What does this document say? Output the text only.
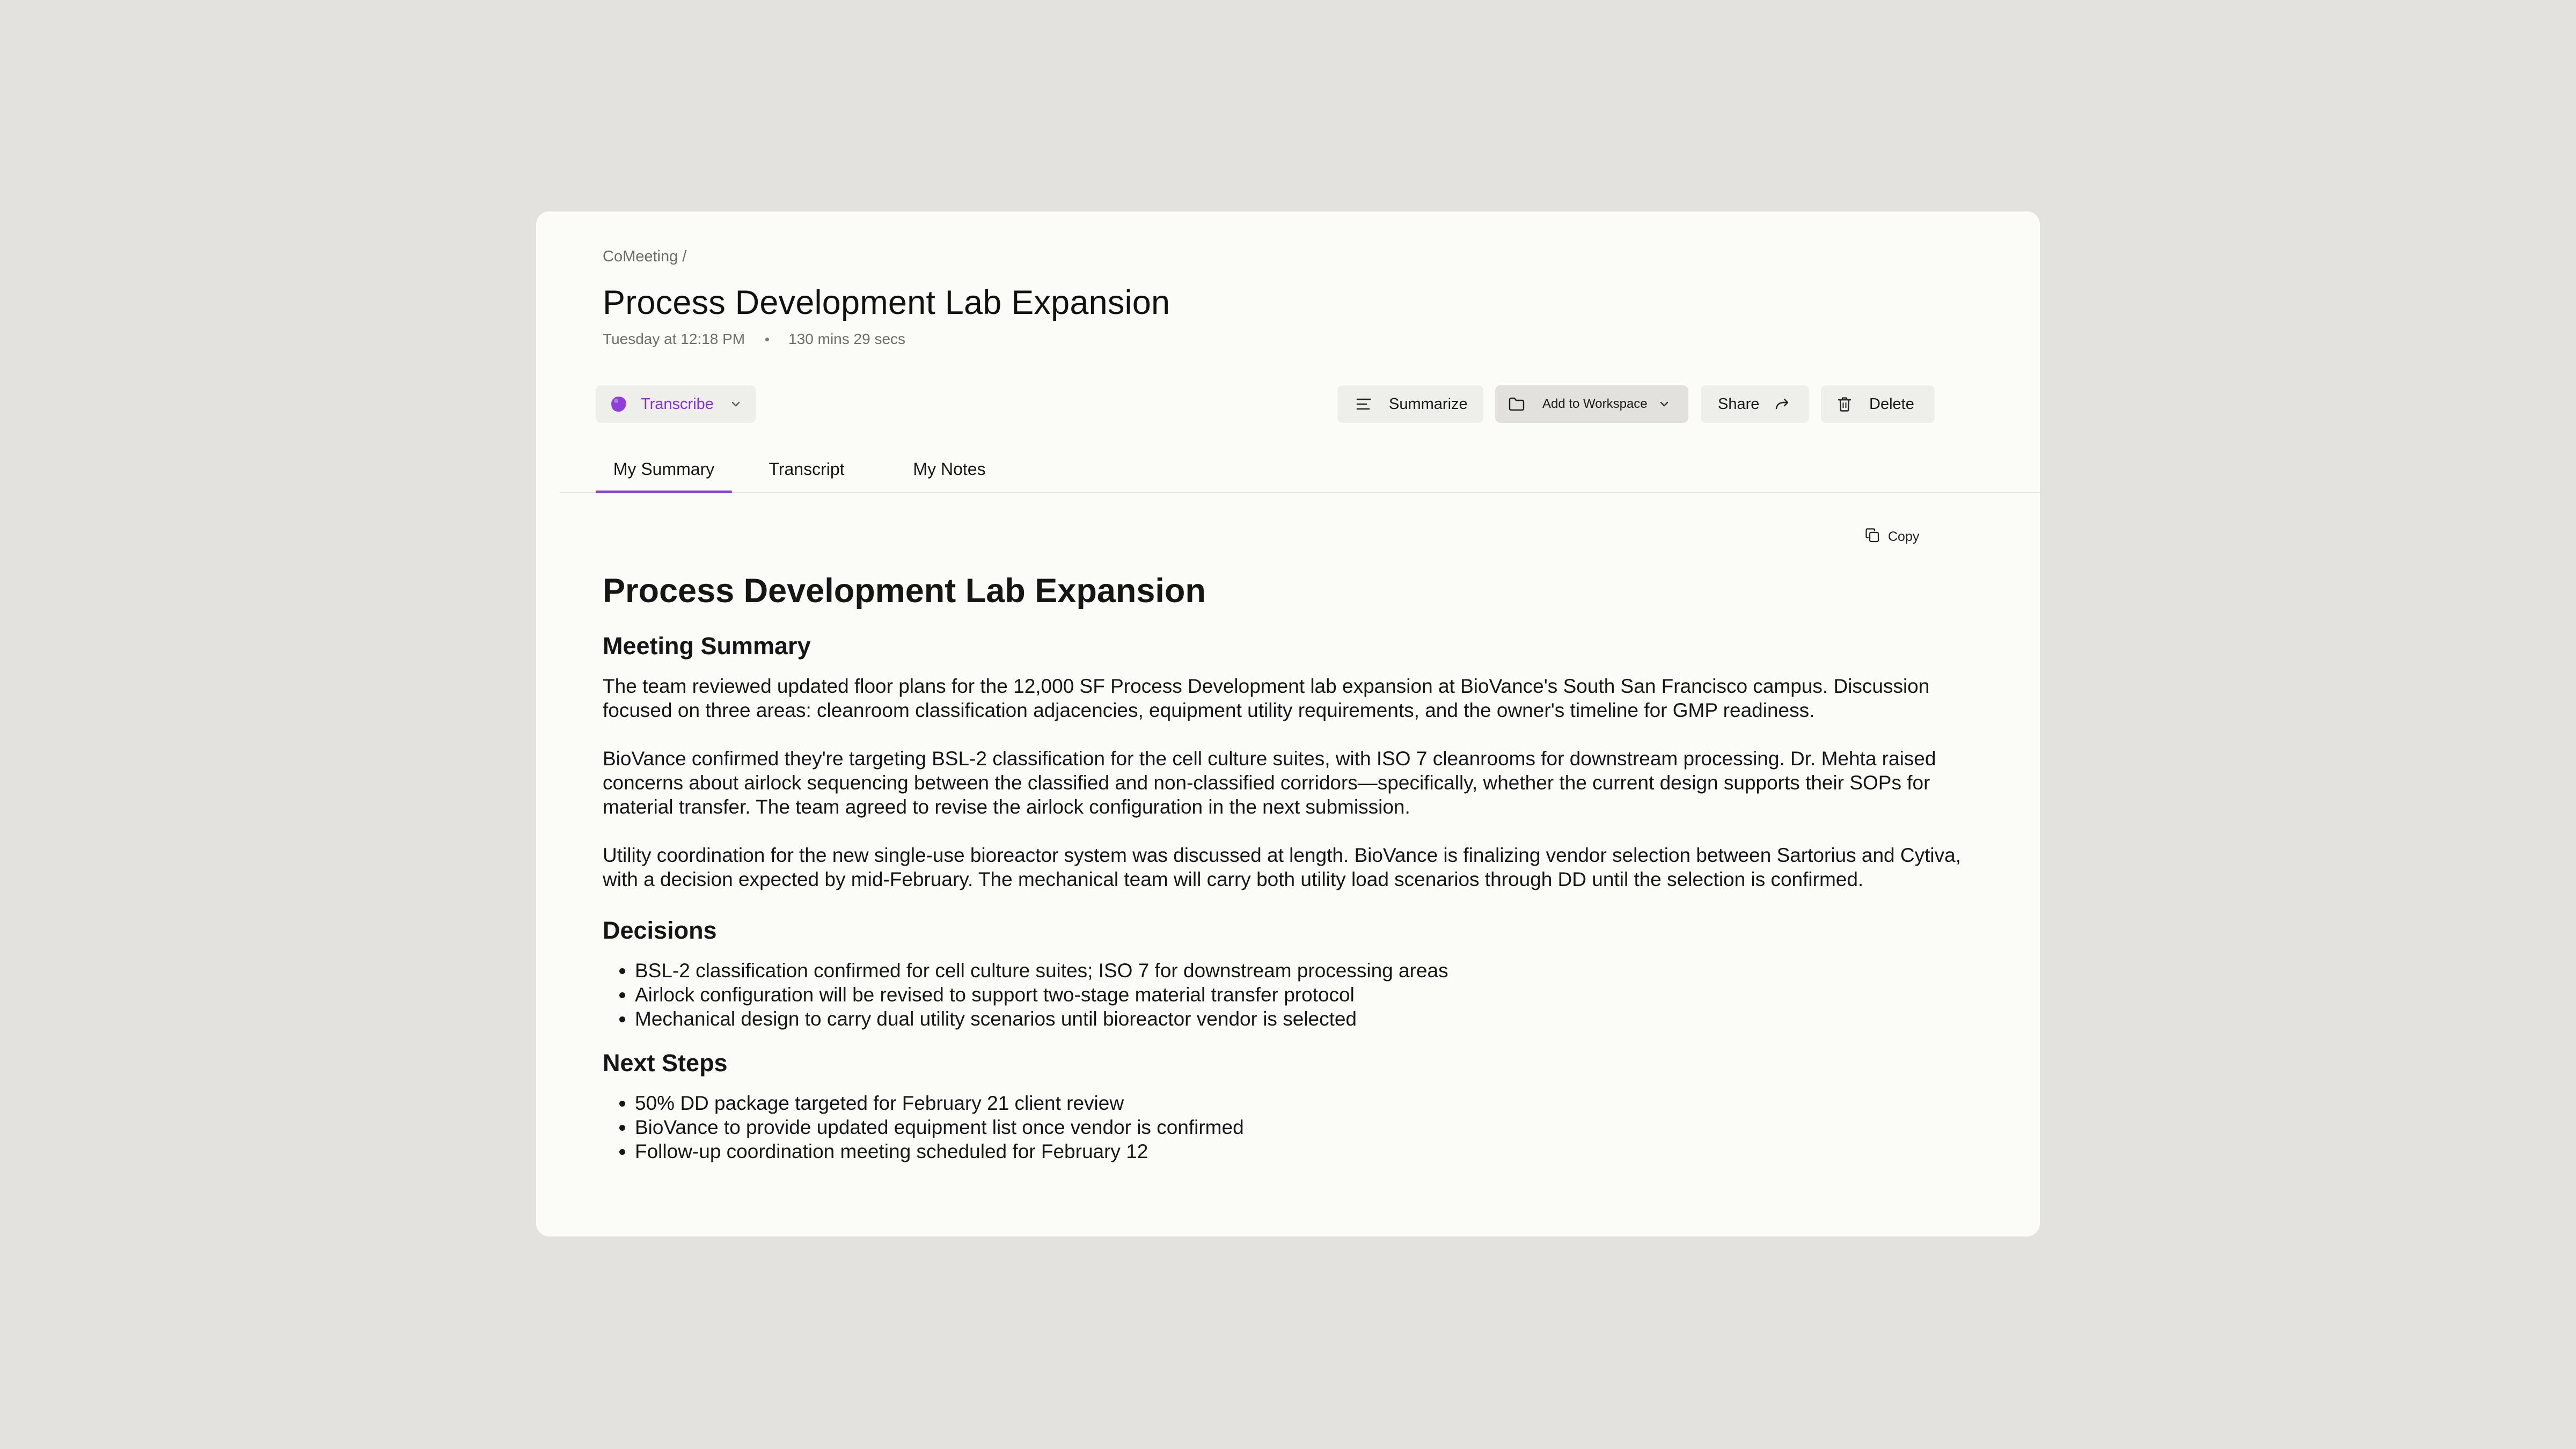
CoMeeting /
Process Development Lab Expansion
Tuesday at 12:18 PM	130 mins 29 secs
Transcribe	Summarize	Add to Workspace	Share	Delete
My Summary	Transcript	My Notes
Copy
Process Development Lab Expansion
Meeting Summary

The team reviewed updated floor plans for the 12,000 SF Process Development lab expansion at BioVance's South San Francisco campus. Discussion focused on three areas: cleanroom classification adjacencies, equipment utility requirements, and the owner's timeline for GMP readiness.

BioVance confirmed they're targeting BSL-2 classification for the cell culture suites, with ISO 7 cleanrooms for downstream processing. Dr. Mehta raised concerns about airlock sequencing between the classified and non-classified corridors—specifically, whether the current design supports their SOPs for material transfer. The team agreed to revise the airlock configuration in the next submission.

Utility coordination for the new single-use bioreactor system was discussed at length. BioVance is finalizing vendor selection between Sartorius and Cytiva, with a decision expected by mid-February. The mechanical team will carry both utility load scenarios through DD until the selection is confirmed.

Decisions
• BSL-2 classification confirmed for cell culture suites; ISO 7 for downstream processing areas
• Airlock configuration will be revised to support two-stage material transfer protocol
• Mechanical design to carry dual utility scenarios until bioreactor vendor is selected
Next Steps
• 50% DD package targeted for February 21 client review
• BioVance to provide updated equipment list once vendor is confirmed
• Follow-up coordination meeting scheduled for February 12
